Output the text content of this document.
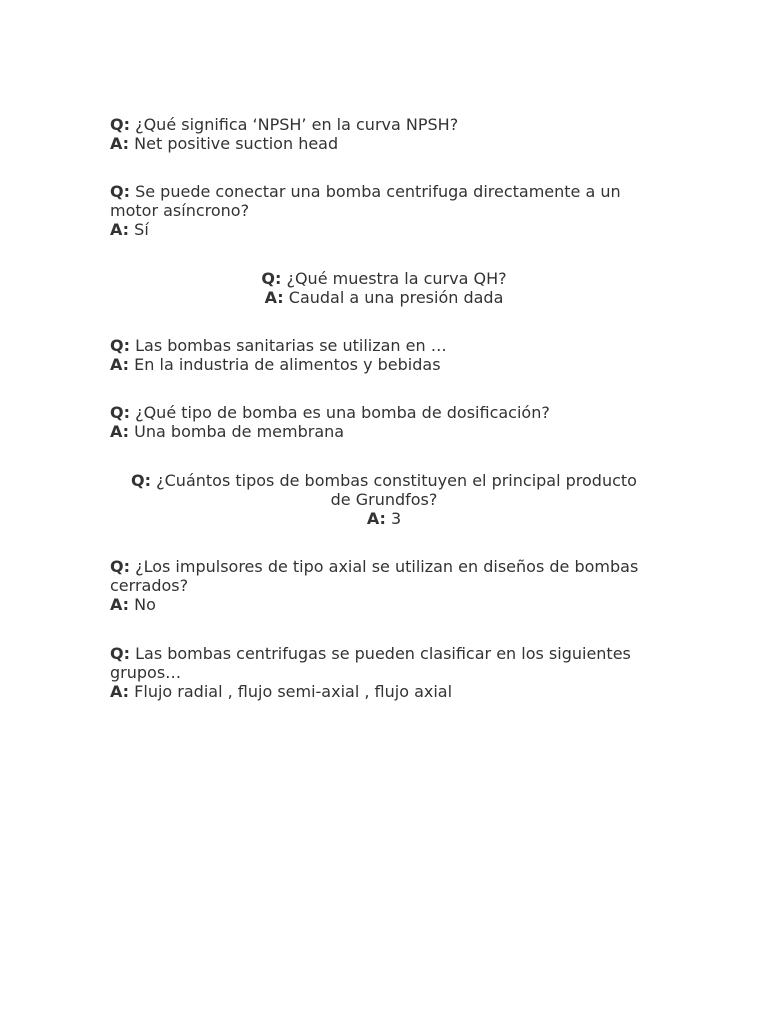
Q: ¿Qué significa ‘NPSH’ en la curva NPSH?

A: Net positive suction head

Q: Se puede conectar una bomba centrifuga directamente a un motor asíncrono?

A: Sí

Q: ¿Qué muestra la curva QH?

A: Caudal a una presión dada

Q: Las bombas sanitarias se utilizan en …

A: En la industria de alimentos y bebidas

Q: ¿Qué tipo de bomba es una bomba de dosificación?

A: Una bomba de membrana

Q: ¿Cuántos tipos de bombas constituyen el principal producto de Grundfos?

A: 3

Q: ¿Los impulsores de tipo axial se utilizan en diseños de bombas cerrados?

A: No

Q: Las bombas centrifugas se pueden clasificar en los siguientes grupos…

A: Flujo radial , flujo semi-axial , flujo axial
